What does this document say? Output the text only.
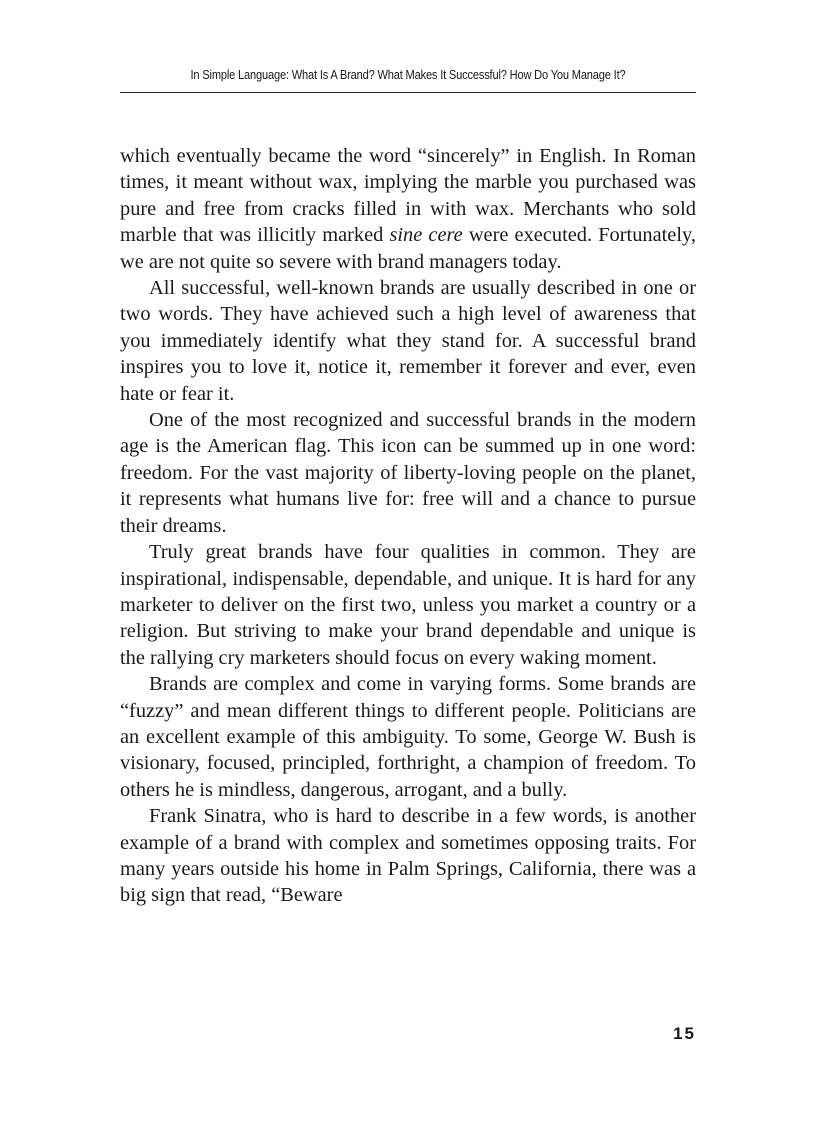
In Simple Language: What Is A Brand? What Makes It Successful? How Do You Manage It?

which eventually became the word “sincerely” in English. In Roman times, it meant without wax, implying the marble you purchased was pure and free from cracks filled in with wax. Merchants who sold marble that was illicitly marked sine cere were executed. Fortunately, we are not quite so severe with brand managers today.

All successful, well-known brands are usually described in one or two words. They have achieved such a high level of awareness that you immediately identify what they stand for. A successful brand inspires you to love it, notice it, remember it forever and ever, even hate or fear it.

One of the most recognized and successful brands in the modern age is the American flag. This icon can be summed up in one word: freedom. For the vast majority of liberty-loving people on the planet, it represents what humans live for: free will and a chance to pursue their dreams.

Truly great brands have four qualities in common. They are inspirational, indispensable, dependable, and unique. It is hard for any marketer to deliver on the first two, unless you market a country or a religion. But striving to make your brand dependable and unique is the rallying cry marketers should focus on every waking moment.

Brands are complex and come in varying forms. Some brands are “fuzzy” and mean different things to different people. Politicians are an excellent example of this ambiguity. To some, George W. Bush is visionary, focused, principled, forthright, a champion of freedom. To others he is mindless, dangerous, arrogant, and a bully.

Frank Sinatra, who is hard to describe in a few words, is another example of a brand with complex and sometimes opposing traits. For many years outside his home in Palm Springs, California, there was a big sign that read, “Beware

15
